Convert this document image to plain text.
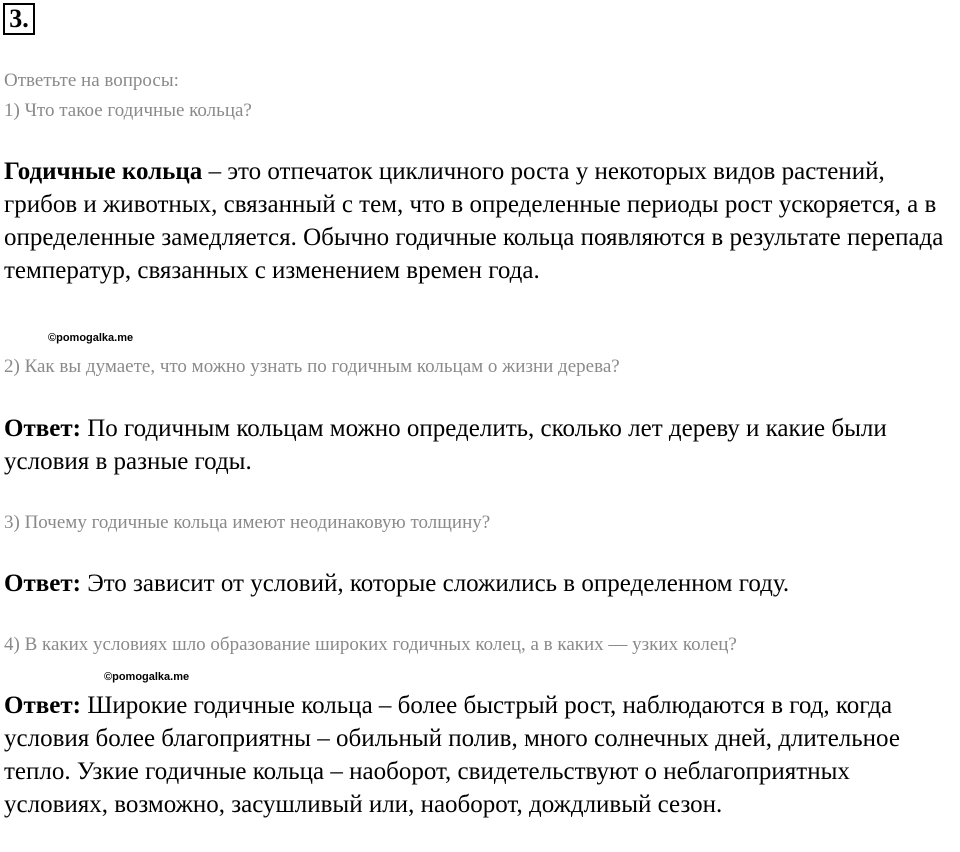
3.
Ответьте на вопросы:
1) Что такое годичные кольца?
Годичные кольца – это отпечаток цикличного роста у некоторых видов растений, грибов и животных, связанный с тем, что в определенные периоды рост ускоряется, а в определенные замедляется. Обычно годичные кольца появляются в результате перепада температур, связанных с изменением времен года.
©pomogalka.me
2) Как вы думаете, что можно узнать по годичным кольцам о жизни дерева?
Ответ: По годичным кольцам можно определить, сколько лет дереву и какие были условия в разные годы.
3) Почему годичные кольца имеют неодинаковую толщину?
Ответ: Это зависит от условий, которые сложились в определенном году.
4) В каких условиях шло образование широких годичных колец, а в каких — узких колец?
©pomogalka.me
Ответ: Широкие годичные кольца – более быстрый рост, наблюдаются в год, когда условия более благоприятны – обильный полив, много солнечных дней, длительное тепло. Узкие годичные кольца – наоборот, свидетельствуют о неблагоприятных условиях, возможно, засушливый или, наоборот, дождливый сезон.
